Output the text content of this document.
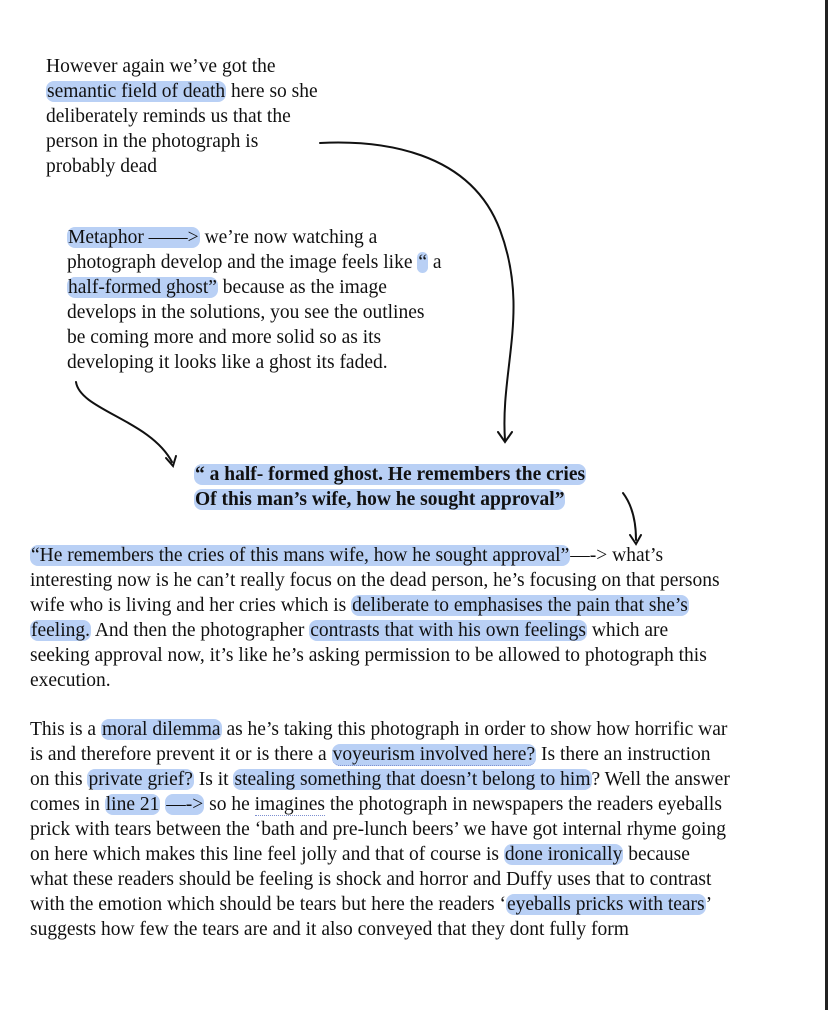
However again we’ve got the
semantic field of death here so she
deliberately reminds us that the
person in the photograph is
probably dead
Metaphor ——> we’re now watching a
photograph develop and the image feels like “ a
half-formed ghost” because as the image
develops in the solutions, you see the outlines
be coming more and more solid so as its
developing it looks like a ghost its faded.
“ a half- formed ghost. He remembers the cries
Of this man’s wife, how he sought approval”
“He remembers the cries of this mans wife, how he sought approval”—-> what’s
interesting now is he can’t really focus on the dead person, he’s focusing on that persons
wife who is living and her cries which is deliberate to emphasises the pain that she’s
feeling. And then the photographer contrasts that with his own feelings which are
seeking approval now, it’s like he’s asking permission to be allowed to photograph this
execution.
This is a moral dilemma as he’s taking this photograph in order to show how horrific war
is and therefore prevent it or is there a voyeurism involved here? Is there an instruction
on this private grief? Is it stealing something that doesn’t belong to him? Well the answer
comes in line 21 —-> so he imagines the photograph in newspapers the readers eyeballs
prick with tears between the ‘bath and pre-lunch beers’ we have got internal rhyme going
on here which makes this line feel jolly and that of course is done ironically because
what these readers should be feeling is shock and horror and Duffy uses that to contrast
with the emotion which should be tears but here the readers ‘eyeballs pricks with tears’
suggests how few the tears are and it also conveyed that they dont fully form
